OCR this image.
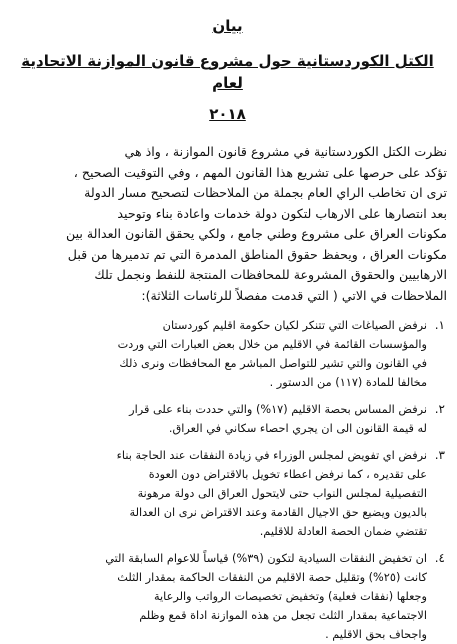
بيان

الكتل الكوردستانية حول مشروع قانون الموازنة الاتحادية لعام

٢٠١٨

نظرت الكتل الكوردستانية في مشروع قانون الموازنة ، واذ هي
تؤكد على حرصها على تشريع هذا القانون المهم ، وفي التوقيت الصحيح ،
ترى ان تخاطب الراي العام بجملة من الملاحظات لتصحيح مسار الدولة
بعد انتصارها على الارهاب لتكون دولة خدمات واعادة بناء وتوحيد
مكونات العراق على مشروع وطني جامع ، ولكي يحقق القانون العدالة بين
مكونات العراق ، ويحفظ حقوق المناطق المدمرة التي تم تدميرها من قبل
الارهابيين والحقوق المشروعة للمحافظات المنتجة للنفط ونجمل تلك
الملاحظات في الاتي ( التي قدمت مفصلاً للرئاسات الثلاثة):
١.
نرفض الصياغات التي تتنكر لكيان حكومة اقليم كوردستان
والمؤسسات القائمة في الاقليم من خلال بعض العبارات التي وردت
في القانون والتي تشير للتواصل المباشر مع المحافظات ونرى ذلك
مخالفا للمادة (١١٧) من الدستور .
٢.
نرفض المساس بحصة الاقليم (١٧%) والتي حددت بناء على قرار
له قيمة القانون الى ان يجري احصاء سكاني في العراق.
٣.
نرفض اي تفويض لمجلس الوزراء في زيادة النفقات عند الحاجة بناء
على تقديره ، كما نرفض اعطاء تخويل بالاقتراض دون العودة
التفصيلية لمجلس النواب حتى لايتحول العراق الى دولة مرهونة
بالديون ويضيع حق الاجيال القادمة وعند الاقتراض نرى ان العدالة
تقتضي ضمان الحصة العادلة للاقليم.
٤.
ان تخفيض النفقات السيادية لتكون (٣٩%) قياساً للاعوام السابقة التي
كانت (٢٥%) وتقليل حصة الاقليم من النفقات الحاكمة بمقدار الثلث
وجعلها (نفقات فعلية) وتخفيض تخصيصات الرواتب والرعاية
الاجتماعية بمقدار الثلث تجعل من هذه الموازنة اداة قمع وظلم
واجحاف بحق الاقليم .
